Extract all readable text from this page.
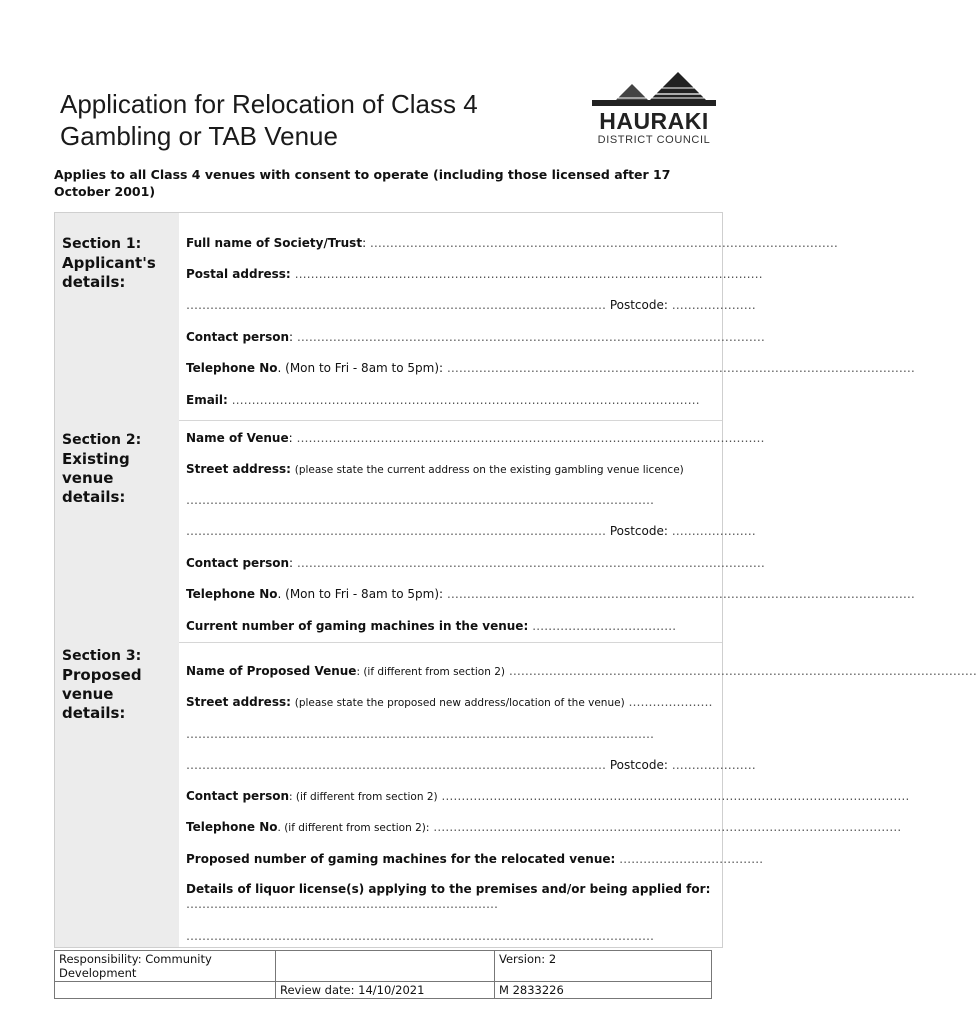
Application for Relocation of Class 4
Gambling or TAB Venue	HAURAKI
DISTRICT COUNCIL
Applies to all Class 4 venues with consent to operate (including those licensed after 17 October 2001)
Section 1:
Applicant's
details:
Full name of Society/Trust: ………………………………………………………………………………………………………
Postal address: ………………………………………………………………………………………………………
…………………………………………………………………………………………… Postcode: …………………
Contact person: ………………………………………………………………………………………………………
Telephone No. (Mon to Fri - 8am to 5pm): ………………………………………………………………………………………………………
Email: ………………………………………………………………………………………………………
Section 2:
Existing
venue
details:
Name of Venue: ………………………………………………………………………………………………………
Street address: (please state the current address on the existing gambling venue licence)
………………………………………………………………………………………………………
…………………………………………………………………………………………… Postcode: …………………
Contact person: ………………………………………………………………………………………………………
Telephone No. (Mon to Fri - 8am to 5pm): ………………………………………………………………………………………………………
Current number of gaming machines in the venue: ………………………………
Section 3:
Proposed
venue
details:
Name of Proposed Venue: (if different from section 2) ………………………………………………………………………………………………………
Street address: (please state the proposed new address/location of the venue) …………………
………………………………………………………………………………………………………
…………………………………………………………………………………………… Postcode: …………………
Contact person: (if different from section 2) ………………………………………………………………………………………………………
Telephone No. (if different from section 2): ………………………………………………………………………………………………………
Proposed number of gaming machines for the relocated venue: ………………………………
Details of liquor license(s) applying to the premises and/or being applied for: ……………………………………………………………………
………………………………………………………………………………………………………
Responsibility: Community Development		Version: 2
	Review date: 14/10/2021	M 2833226
